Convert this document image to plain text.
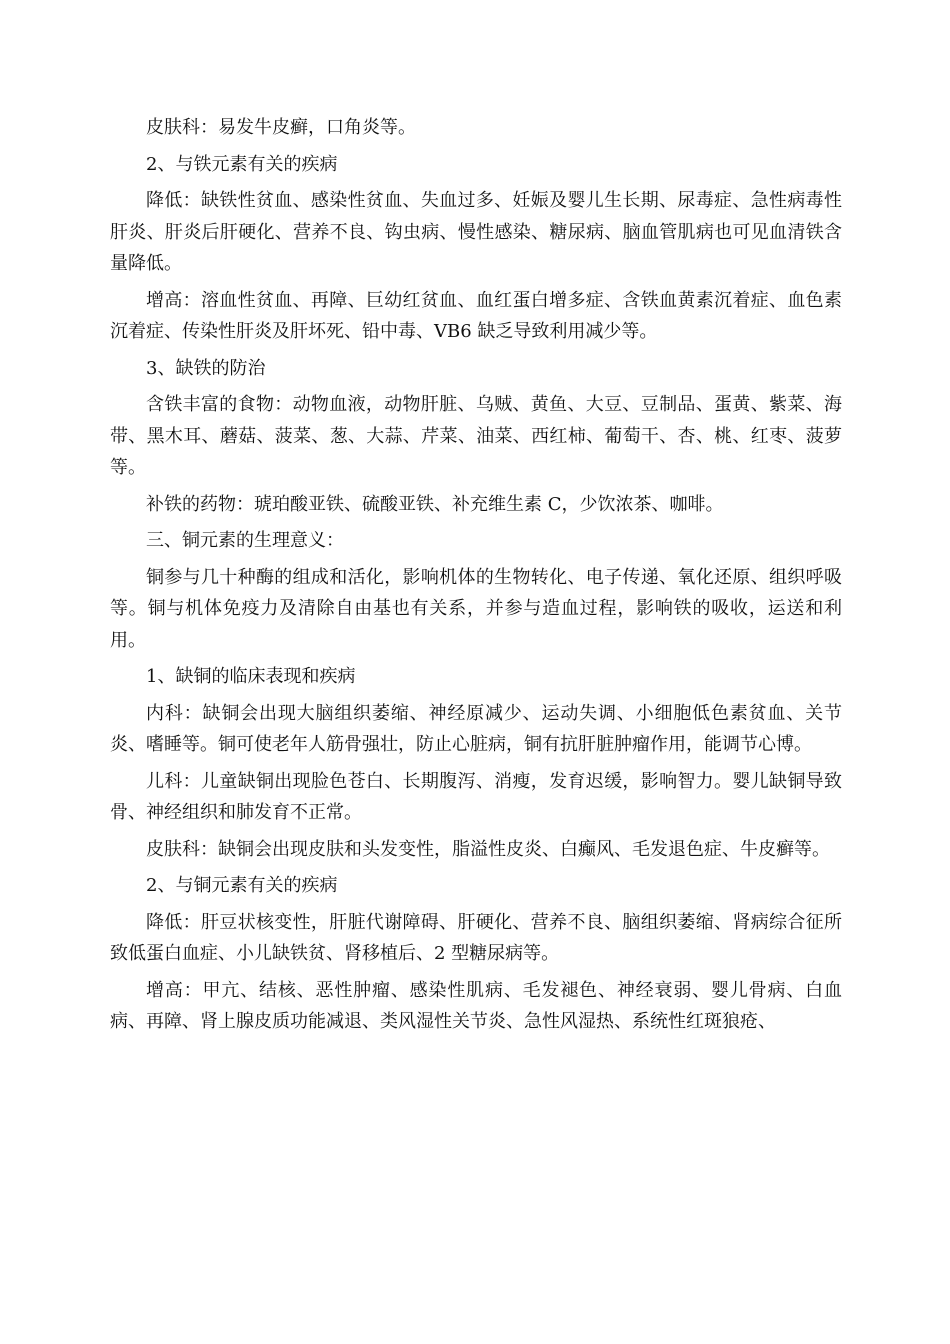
皮肤科：易发牛皮癣，口角炎等。

2、与铁元素有关的疾病

降低：缺铁性贫血、感染性贫血、失血过多、妊娠及婴儿生长期、尿毒症、急性病毒性肝炎、肝炎后肝硬化、营养不良、钩虫病、慢性感染、糖尿病、脑血管肌病也可见血清铁含量降低。

增高：溶血性贫血、再障、巨幼红贫血、血红蛋白增多症、含铁血黄素沉着症、血色素沉着症、传染性肝炎及肝坏死、铅中毒、VB6 缺乏导致利用减少等。

3、缺铁的防治

含铁丰富的食物：动物血液，动物肝脏、乌贼、黄鱼、大豆、豆制品、蛋黄、紫菜、海带、黑木耳、蘑菇、菠菜、葱、大蒜、芹菜、油菜、西红柿、葡萄干、杏、桃、红枣、菠萝等。

补铁的药物：琥珀酸亚铁、硫酸亚铁、补充维生素 C，少饮浓茶、咖啡。

三、铜元素的生理意义：

铜参与几十种酶的组成和活化，影响机体的生物转化、电子传递、氧化还原、组织呼吸等。铜与机体免疫力及清除自由基也有关系，并参与造血过程，影响铁的吸收，运送和利用。

1、缺铜的临床表现和疾病

内科：缺铜会出现大脑组织萎缩、神经原减少、运动失调、小细胞低色素贫血、关节炎、嗜睡等。铜可使老年人筋骨强壮，防止心脏病，铜有抗肝脏肿瘤作用，能调节心博。

儿科：儿童缺铜出现脸色苍白、长期腹泻、消瘦，发育迟缓，影响智力。婴儿缺铜导致骨、神经组织和肺发育不正常。

皮肤科：缺铜会出现皮肤和头发变性，脂溢性皮炎、白癫风、毛发退色症、牛皮癣等。

2、与铜元素有关的疾病

降低：肝豆状核变性，肝脏代谢障碍、肝硬化、营养不良、脑组织萎缩、肾病综合征所致低蛋白血症、小儿缺铁贫、肾移植后、2 型糖尿病等。

增高：甲亢、结核、恶性肿瘤、感染性肌病、毛发褪色、神经衰弱、婴儿骨病、白血病、再障、肾上腺皮质功能减退、类风湿性关节炎、急性风湿热、系统性红斑狼疮、
